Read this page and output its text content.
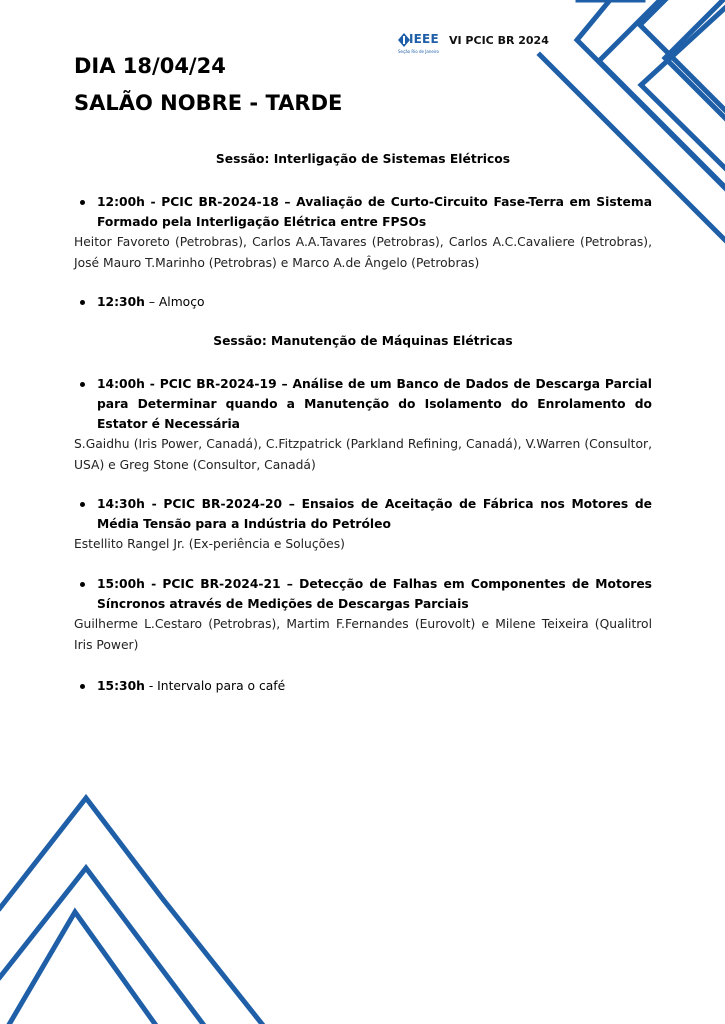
IEEE
Seção Rio de Janeiro
VI PCIC BR 2024
DIA 18/04/24
SALÃO NOBRE - TARDE

Sessão: Interligação de Sistemas Elétricos

12:00h - PCIC BR-2024-18 – Avaliação de Curto-Circuito Fase-Terra em Sistema Formado pela Interligação Elétrica entre FPSOs
Heitor Favoreto (Petrobras), Carlos A.A.Tavares (Petrobras), Carlos A.C.Cavaliere (Petrobras), José Mauro T.Marinho (Petrobras) e Marco A.de Ângelo (Petrobras)
12:30h – Almoço

Sessão: Manutenção de Máquinas Elétricas

14:00h - PCIC BR-2024-19 – Análise de um Banco de Dados de Descarga Parcial para Determinar quando a Manutenção do Isolamento do Enrolamento do Estator é Necessária
S.Gaidhu (Iris Power, Canadá), C.Fitzpatrick (Parkland Refining, Canadá), V.Warren (Consultor, USA) e Greg Stone (Consultor, Canadá)
14:30h - PCIC BR-2024-20 – Ensaios de Aceitação de Fábrica nos Motores de Média Tensão para a Indústria do Petróleo
Estellito Rangel Jr. (Ex-periência e Soluções)
15:00h - PCIC BR-2024-21 – Detecção de Falhas em Componentes de Motores Síncronos através de Medições de Descargas Parciais
Guilherme L.Cestaro (Petrobras), Martim F.Fernandes (Eurovolt) e Milene Teixeira (Qualitrol Iris Power)
15:30h - Intervalo para o café
